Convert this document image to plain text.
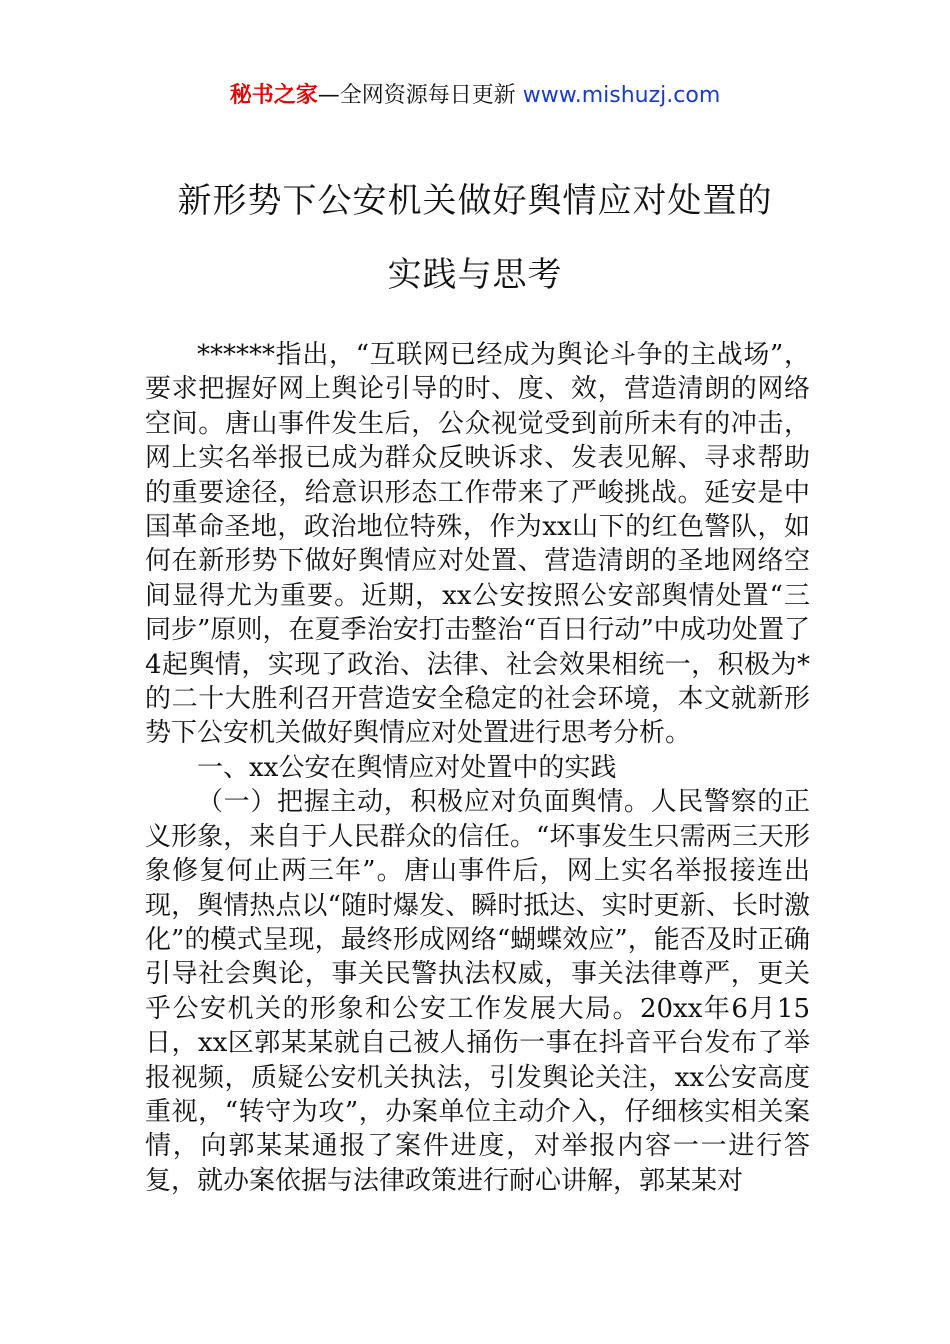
秘书之家—全网资源每日更新 www.mishuzj.com
新形势下公安机关做好舆情应对处置的
实践与思考

******指出，“互联网已经成为舆论斗争的主战场”，要求把握好网上舆论引导的时、度、效，营造清朗的网络空间。唐山事件发生后，公众视觉受到前所未有的冲击，网上实名举报已成为群众反映诉求、发表见解、寻求帮助的重要途径，给意识形态工作带来了严峻挑战。延安是中国革命圣地，政治地位特殊，作为xx山下的红色警队，如何在新形势下做好舆情应对处置、营造清朗的圣地网络空间显得尤为重要。近期，xx公安按照公安部舆情处置“三同步”原则，在夏季治安打击整治“百日行动”中成功处置了4起舆情，实现了政治、法律、社会效果相统一，积极为*的二十大胜利召开营造安全稳定的社会环境，本文就新形势下公安机关做好舆情应对处置进行思考分析。

一、xx公安在舆情应对处置中的实践

（一）把握主动，积极应对负面舆情。人民警察的正义形象，来自于人民群众的信任。“坏事发生只需两三天形象修复何止两三年”。唐山事件后，网上实名举报接连出现，舆情热点以“随时爆发、瞬时抵达、实时更新、长时激化”的模式呈现，最终形成网络“蝴蝶效应”，能否及时正确引导社会舆论，事关民警执法权威，事关法律尊严，更关乎公安机关的形象和公安工作发展大局。20xx年6月15日，xx区郭某某就自己被人捅伤一事在抖音平台发布了举报视频，质疑公安机关执法，引发舆论关注，xx公安高度重视，“转守为攻”，办案单位主动介入，仔细核实相关案情，向郭某某通报了案件进度，对举报内容一一进行答复，就办案依据与法律政策进行耐心讲解，郭某某对
